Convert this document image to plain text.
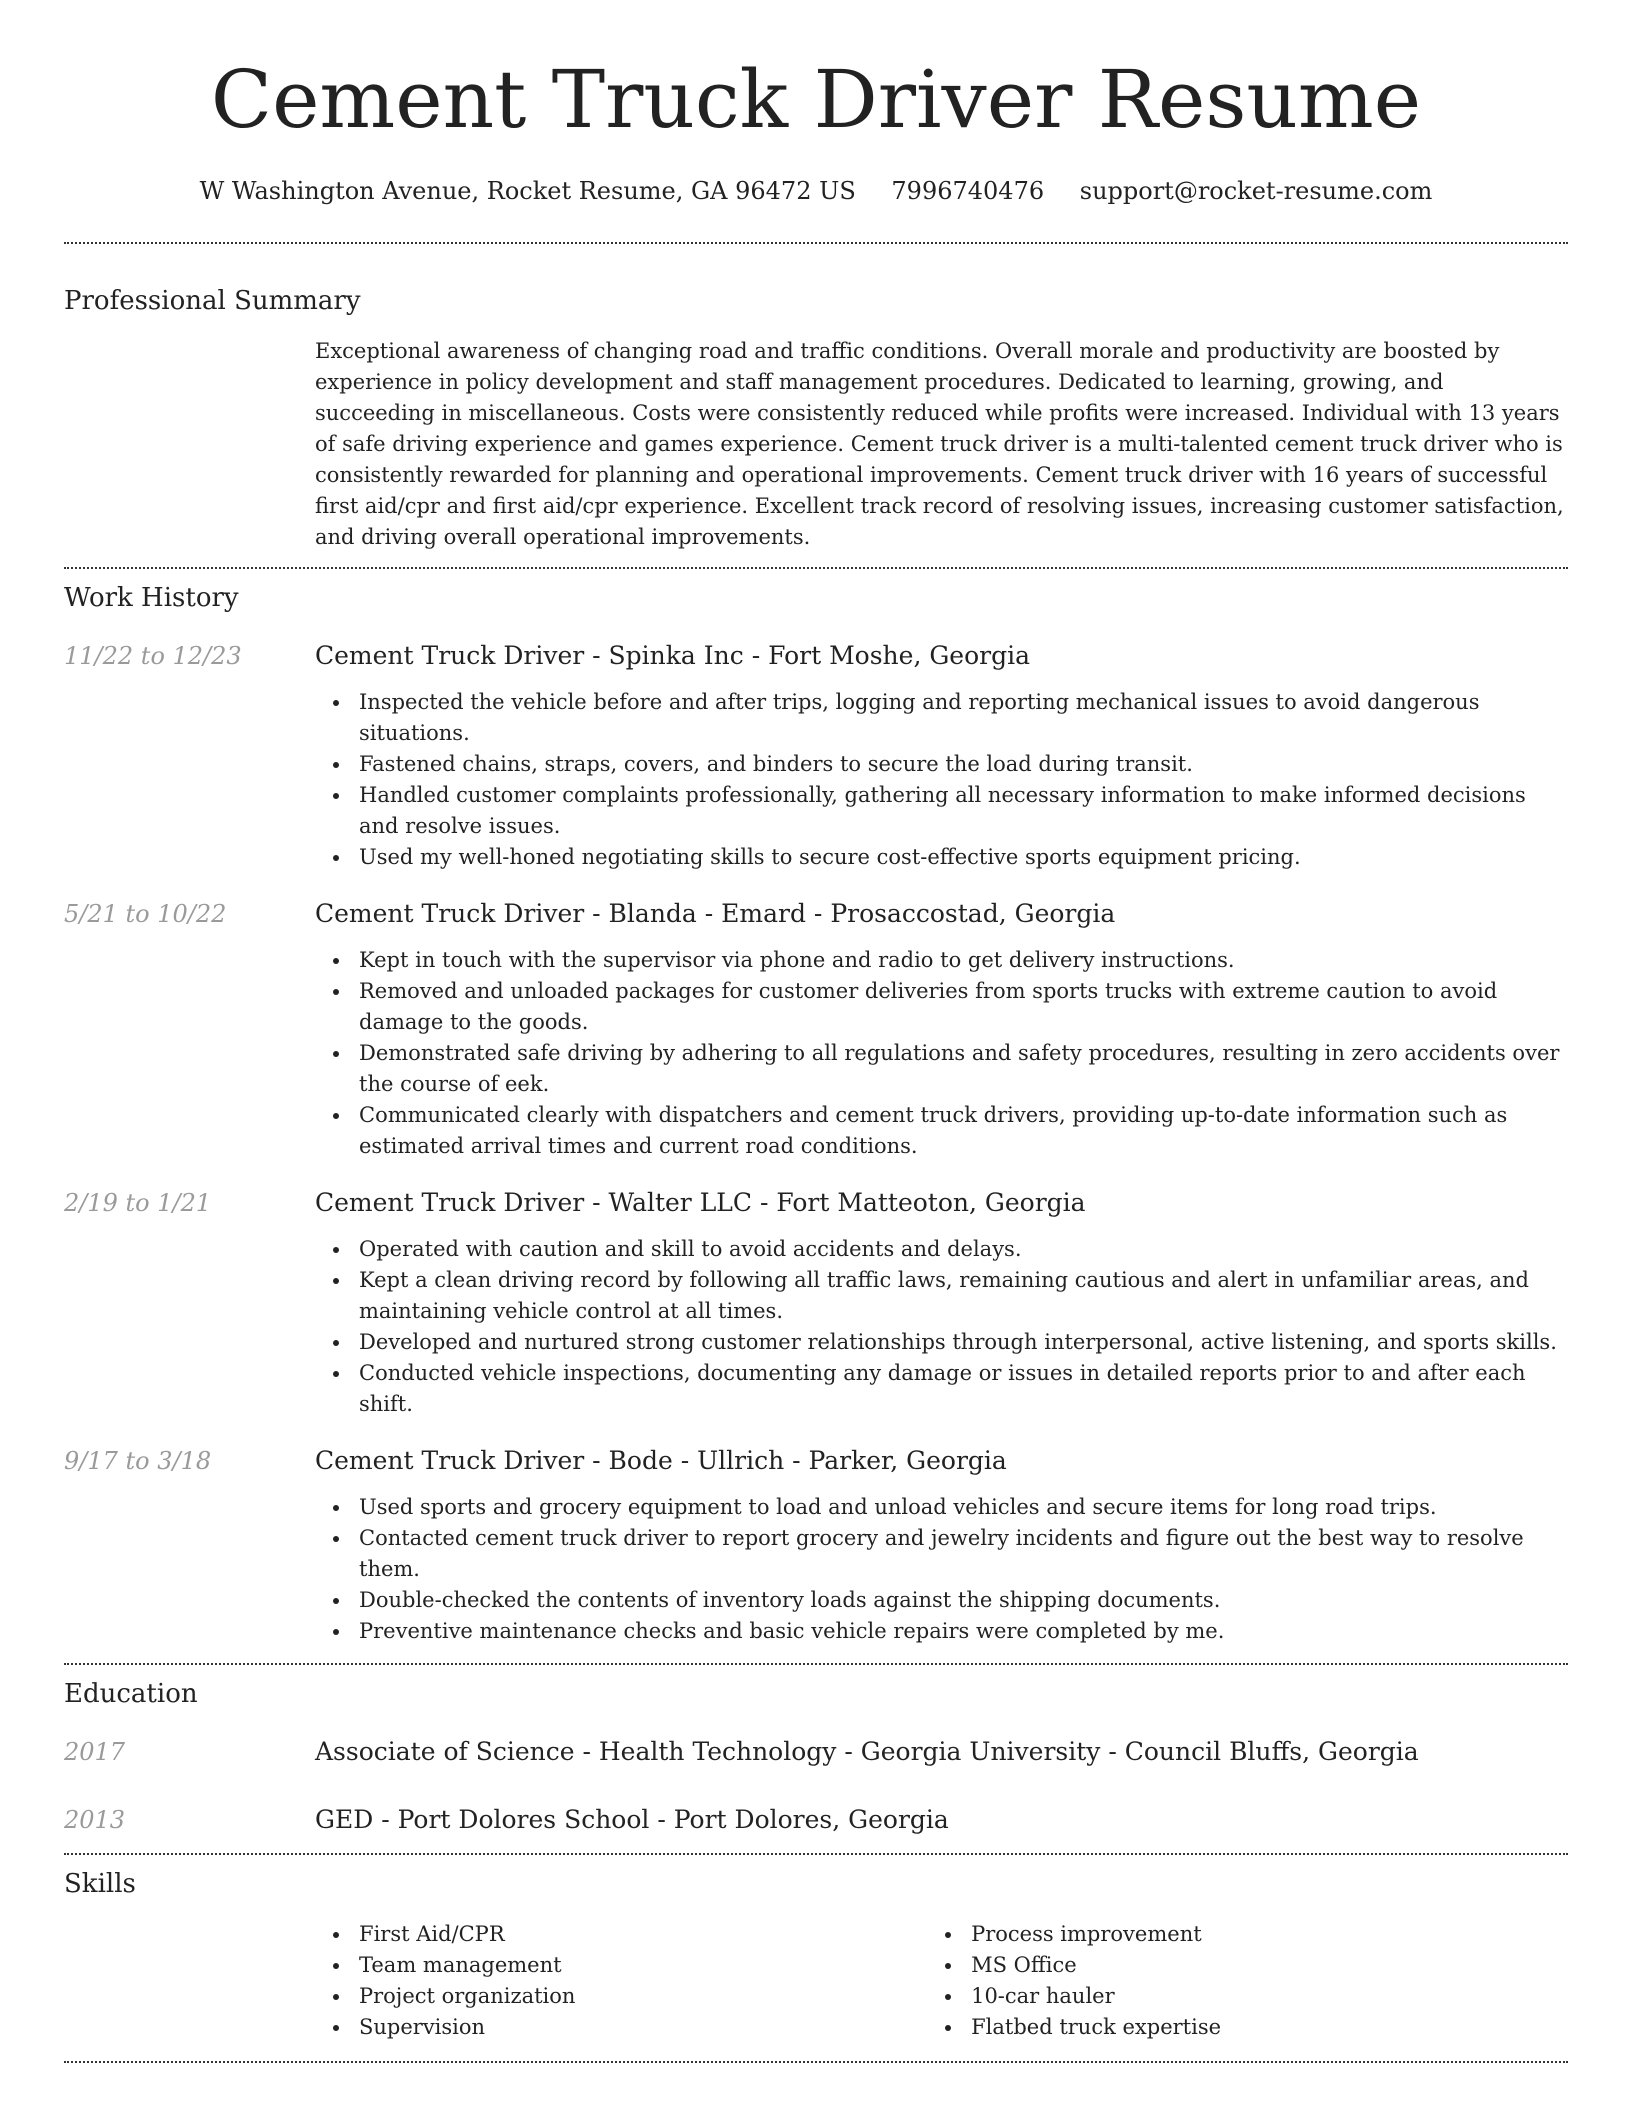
Cement Truck Driver Resume
W Washington Avenue, Rocket Resume, GA 96472 US 7996740476 support@rocket-resume.com
Professional Summary
Exceptional awareness of changing road and traffic conditions. Overall morale and productivity are boosted by experience in policy development and staff management procedures. Dedicated to learning, growing, and succeeding in miscellaneous. Costs were consistently reduced while profits were increased. Individual with 13 years of safe driving experience and games experience. Cement truck driver is a multi-talented cement truck driver who is consistently rewarded for planning and operational improvements. Cement truck driver with 16 years of successful first aid/cpr and first aid/cpr experience. Excellent track record of resolving issues, increasing customer satisfaction, and driving overall operational improvements.
Work History
11/22 to 12/23	Cement Truck Driver - Spinka Inc - Fort Moshe, Georgia
Inspected the vehicle before and after trips, logging and reporting mechanical issues to avoid dangerous situations.
Fastened chains, straps, covers, and binders to secure the load during transit.
Handled customer complaints professionally, gathering all necessary information to make informed decisions and resolve issues.
Used my well-honed negotiating skills to secure cost-effective sports equipment pricing.
5/21 to 10/22	Cement Truck Driver - Blanda - Emard - Prosaccostad, Georgia
Kept in touch with the supervisor via phone and radio to get delivery instructions.
Removed and unloaded packages for customer deliveries from sports trucks with extreme caution to avoid damage to the goods.
Demonstrated safe driving by adhering to all regulations and safety procedures, resulting in zero accidents over the course of eek.
Communicated clearly with dispatchers and cement truck drivers, providing up-to-date information such as estimated arrival times and current road conditions.
2/19 to 1/21	Cement Truck Driver - Walter LLC - Fort Matteoton, Georgia
Operated with caution and skill to avoid accidents and delays.
Kept a clean driving record by following all traffic laws, remaining cautious and alert in unfamiliar areas, and maintaining vehicle control at all times.
Developed and nurtured strong customer relationships through interpersonal, active listening, and sports skills.
Conducted vehicle inspections, documenting any damage or issues in detailed reports prior to and after each shift.
9/17 to 3/18	Cement Truck Driver - Bode - Ullrich - Parker, Georgia
Used sports and grocery equipment to load and unload vehicles and secure items for long road trips.
Contacted cement truck driver to report grocery and jewelry incidents and figure out the best way to resolve them.
Double-checked the contents of inventory loads against the shipping documents.
Preventive maintenance checks and basic vehicle repairs were completed by me.
Education
2017	Associate of Science - Health Technology - Georgia University - Council Bluffs, Georgia
2013	GED - Port Dolores School - Port Dolores, Georgia
Skills
First Aid/CPR
Team management
Project organization
Supervision
Process improvement
MS Office
10-car hauler
Flatbed truck expertise
